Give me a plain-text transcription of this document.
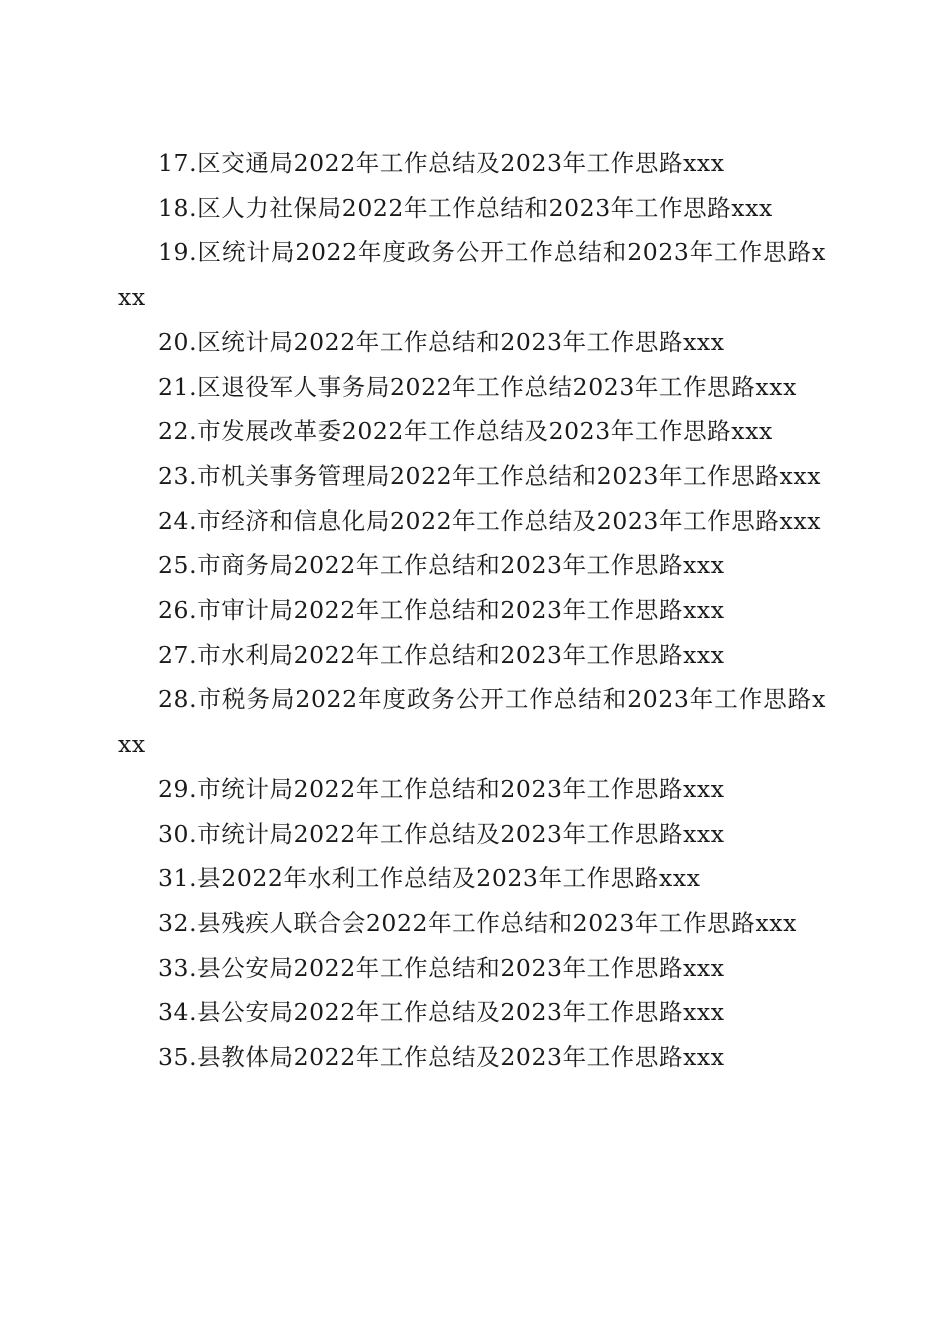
17.区交通局2022年工作总结及2023年工作思路xxx

18.区人力社保局2022年工作总结和2023年工作思路xxx

19.区统计局2022年度政务公开工作总结和2023年工作思路xxx

20.区统计局2022年工作总结和2023年工作思路xxx

21.区退役军人事务局2022年工作总结2023年工作思路xxx

22.市发展改革委2022年工作总结及2023年工作思路xxx

23.市机关事务管理局2022年工作总结和2023年工作思路xxx

24.市经济和信息化局2022年工作总结及2023年工作思路xxx

25.市商务局2022年工作总结和2023年工作思路xxx

26.市审计局2022年工作总结和2023年工作思路xxx

27.市水利局2022年工作总结和2023年工作思路xxx

28.市税务局2022年度政务公开工作总结和2023年工作思路xxx

29.市统计局2022年工作总结和2023年工作思路xxx

30.市统计局2022年工作总结及2023年工作思路xxx

31.县2022年水利工作总结及2023年工作思路xxx

32.县残疾人联合会2022年工作总结和2023年工作思路xxx

33.县公安局2022年工作总结和2023年工作思路xxx

34.县公安局2022年工作总结及2023年工作思路xxx

35.县教体局2022年工作总结及2023年工作思路xxx
